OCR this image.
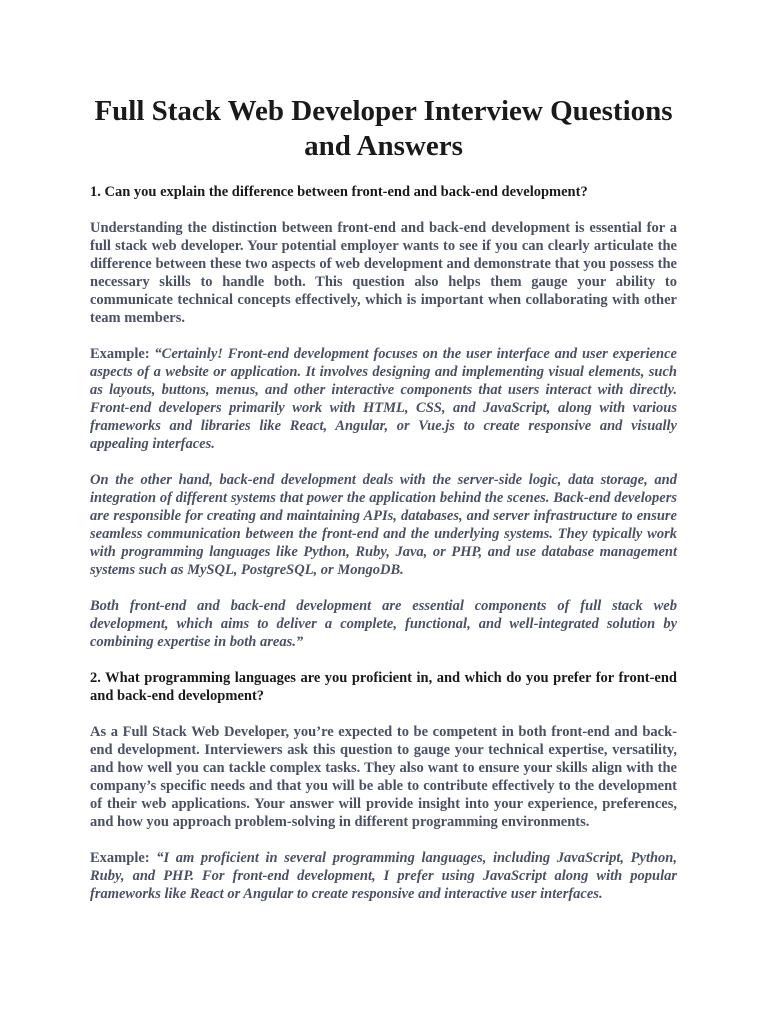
Full Stack Web Developer Interview Questions and Answers

1. Can you explain the difference between front-end and back-end development?

Understanding the distinction between front-end and back-end development is essential for a full stack web developer. Your potential employer wants to see if you can clearly articulate the difference between these two aspects of web development and demonstrate that you possess the necessary skills to handle both. This question also helps them gauge your ability to communicate technical concepts effectively, which is important when collaborating with other team members.

Example: “Certainly! Front-end development focuses on the user interface and user experience aspects of a website or application. It involves designing and implementing visual elements, such as layouts, buttons, menus, and other interactive components that users interact with directly. Front-end developers primarily work with HTML, CSS, and JavaScript, along with various frameworks and libraries like React, Angular, or Vue.js to create responsive and visually appealing interfaces.

On the other hand, back-end development deals with the server-side logic, data storage, and integration of different systems that power the application behind the scenes. Back-end developers are responsible for creating and maintaining APIs, databases, and server infrastructure to ensure seamless communication between the front-end and the underlying systems. They typically work with programming languages like Python, Ruby, Java, or PHP, and use database management systems such as MySQL, PostgreSQL, or MongoDB.

Both front-end and back-end development are essential components of full stack web development, which aims to deliver a complete, functional, and well-integrated solution by combining expertise in both areas.”

2. What programming languages are you proficient in, and which do you prefer for front-end and back-end development?

As a Full Stack Web Developer, you’re expected to be competent in both front-end and back-end development. Interviewers ask this question to gauge your technical expertise, versatility, and how well you can tackle complex tasks. They also want to ensure your skills align with the company’s specific needs and that you will be able to contribute effectively to the development of their web applications. Your answer will provide insight into your experience, preferences, and how you approach problem-solving in different programming environments.

Example: “I am proficient in several programming languages, including JavaScript, Python, Ruby, and PHP. For front-end development, I prefer using JavaScript along with popular frameworks like React or Angular to create responsive and interactive user interfaces.
